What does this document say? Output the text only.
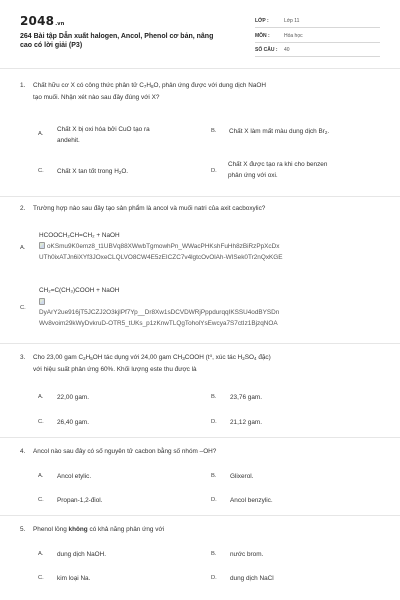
2048.vn
264 Bài tập Dẫn xuất halogen, Ancol, Phenol cơ bản, nâng cao có lời giải (P3)
LỚP :	Lớp 11
MÔN :	Hóa học
SỐ CÂU : 40
1. Chất hữu cơ X có công thức phân tử $C_7H_8O$, phản ứng được với dung dịch NaOH
tạo muối. Nhận xét nào sau đây đúng với X?
A.
Chất X bị oxi hóa bởi CuO tạo ra
andehit.
B. Chất X làm mất màu dung dịch $Br_2$.
C. Chất X tan tốt trong $H_2O$.	D.
Chất X được tạo ra khi cho benzen
phản ứng với oxi.
2. Trường hợp nào sau đây tạo sản phẩm là ancol và muối natri của axit cacboxylic?
HCOOCH₂CH=CH₂ + NaOH
A.	oKSmu9K0emz8_t1UBVq88XWwbTgmowhPn_WWacPHKshFuHh8zBiRzPpXcDx
UTh0ixATJn6iXYf3JOxeCLQLVO8CW4E5zEICZC7v4lgtcOvOlAh-WISek0Tr2nQxKGE
CH₂=C(CH₃)COOH + NaOH
C.
DyArY2ue916jT5JCZJ2O3kjlPf7Yp__Dr8Xw1sDCVDWRjPppdurqqIKSSU4odBYSDn
Wv8voim29kWyDvkruD-OTR5_tUKs_p1zKnwTLQgToholYsEwcya7S7ctIz1BjzqNOA
3. Cho 23,00 gam $C_2H_5OH$ tác dụng với 24,00 gam $CH_3COOH$ ($t^o$, xúc tác $H_2SO_4$ đặc)
với hiệu suất phản ứng 60%. Khối lượng este thu được là
A. 22,00 gam.	B. 23,76 gam.
C. 26,40 gam.	D. 21,12 gam.
4. Ancol nào sau đây có số nguyên tử cacbon bằng số nhóm –OH?
A. Ancol etylic.	B. Glixerol.
C. Propan-1,2-điol.	D. Ancol benzylic.
5. Phenol lỏng không có khả năng phản ứng với
A. dung dịch NaOH.	B. nước brom.
C. kim loại Na.	D. dung dịch NaCl
